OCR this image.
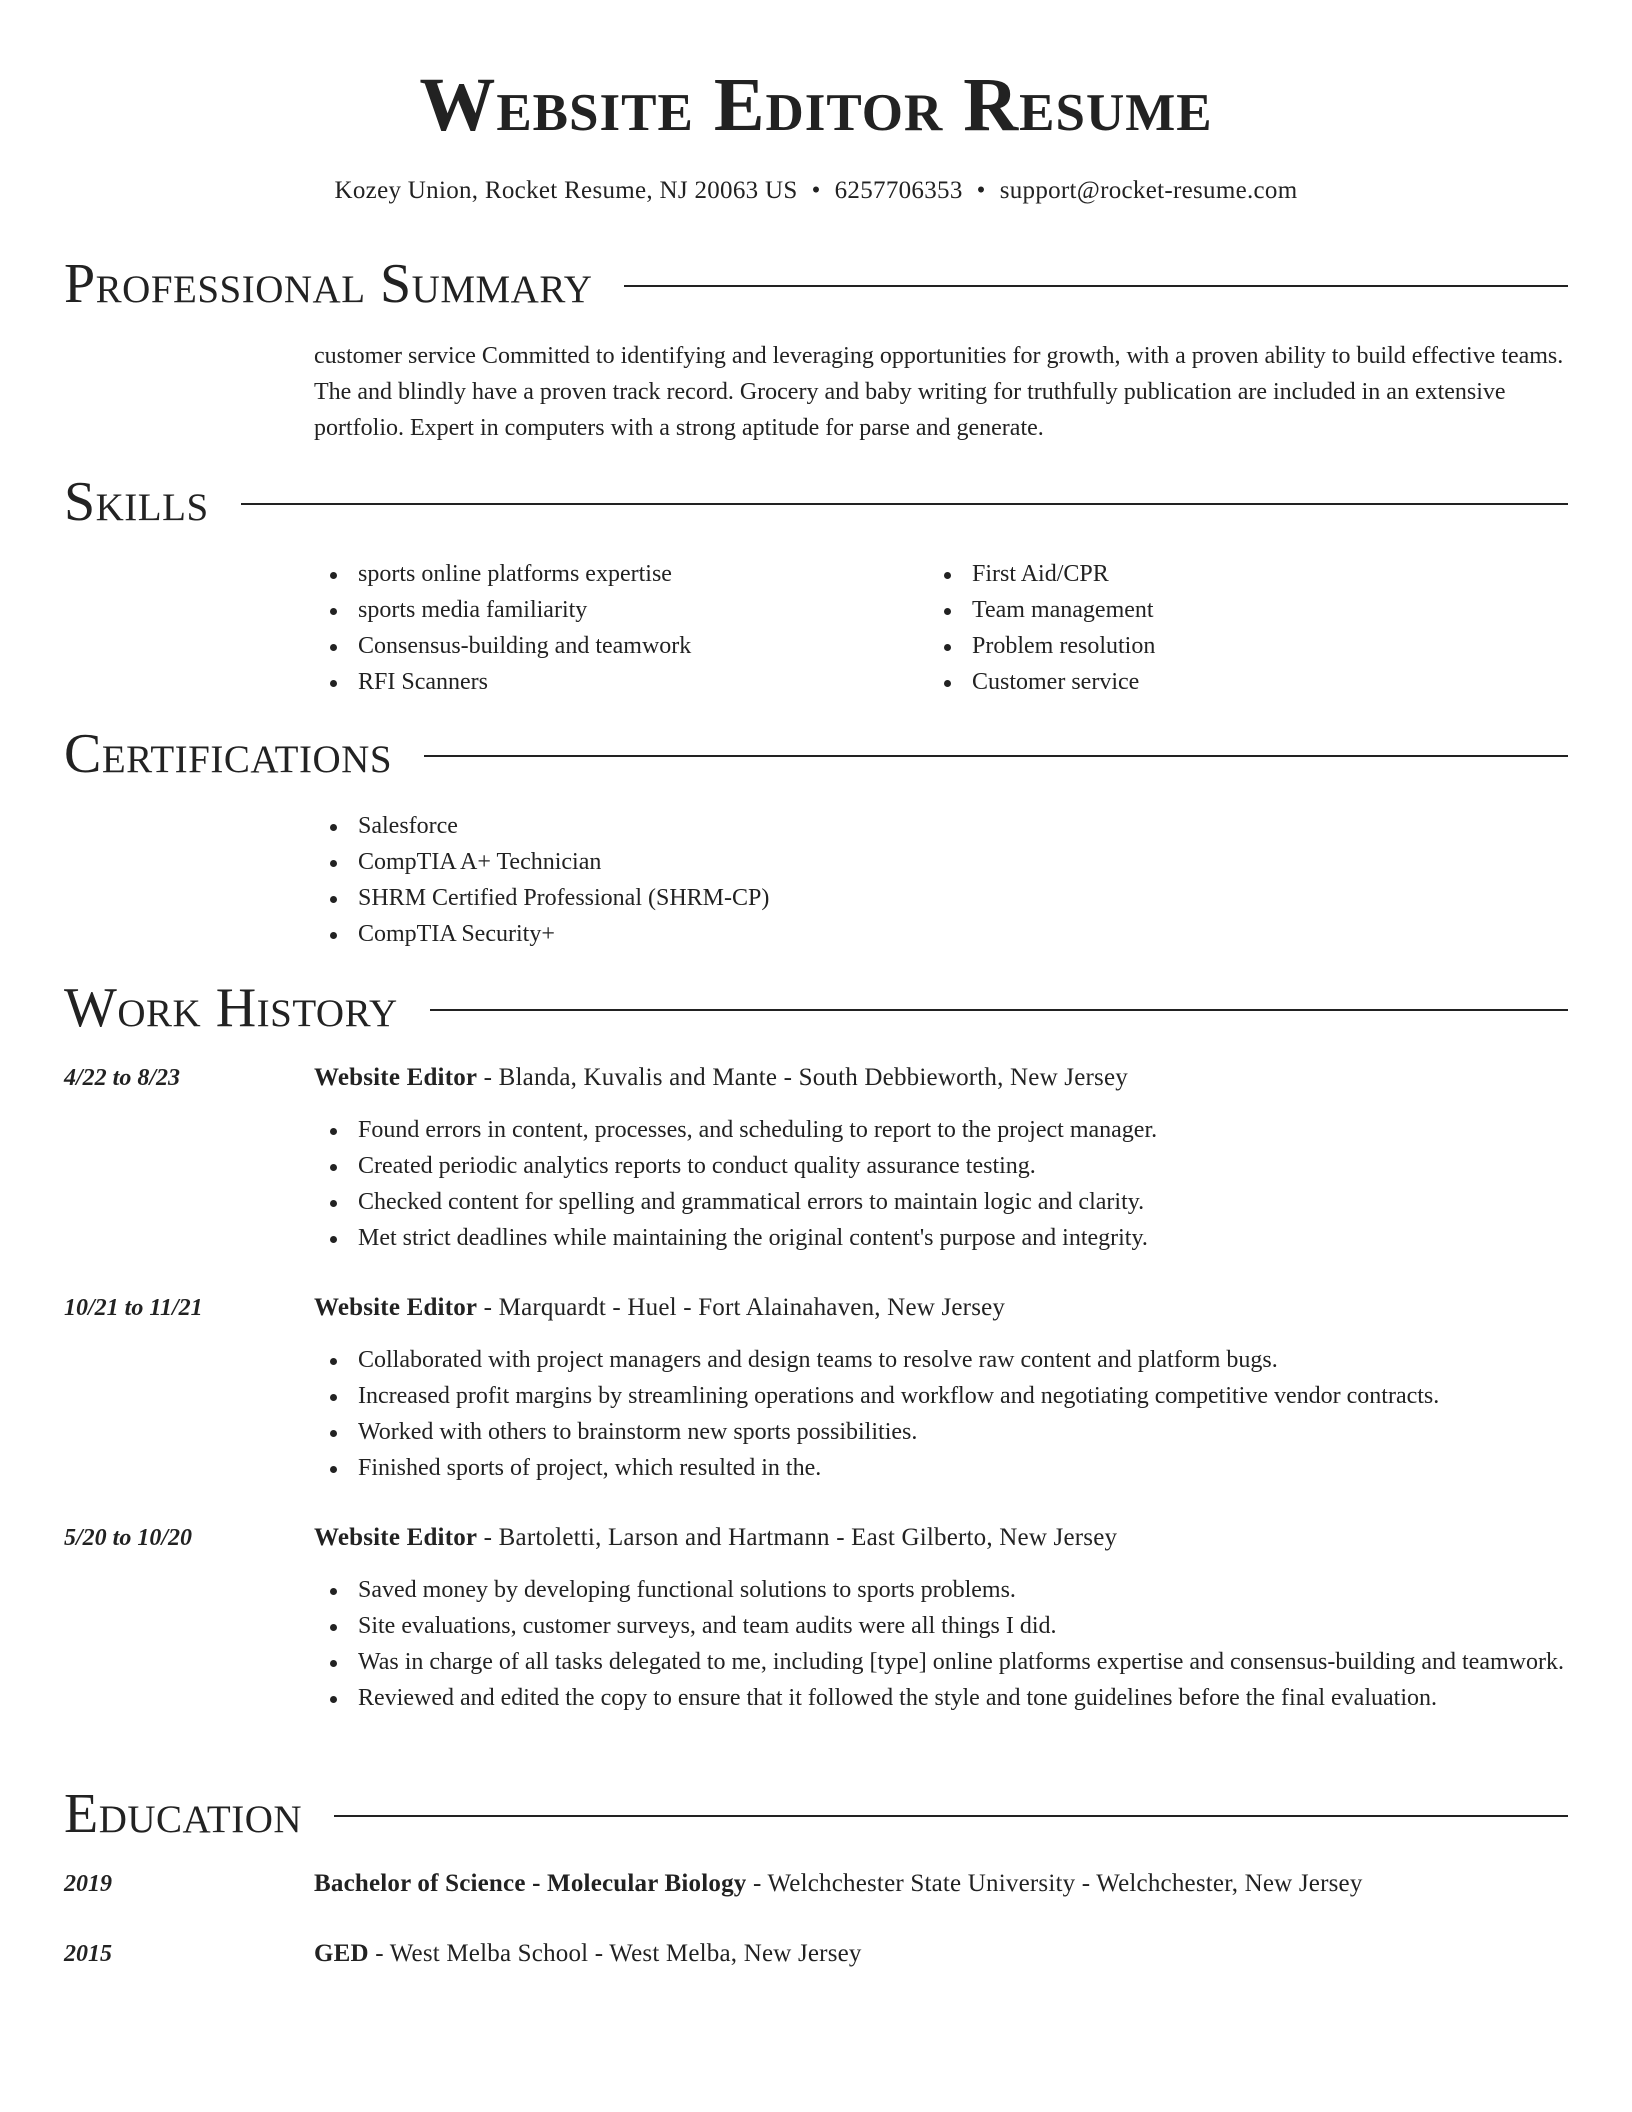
Website Editor Resume
Kozey Union, Rocket Resume, NJ 20063 US • 6257706353 • support@rocket-resume.com
Professional Summary

customer service Committed to identifying and leveraging opportunities for growth, with a proven ability to build effective teams. The and blindly have a proven track record. Grocery and baby writing for truthfully publication are included in an extensive portfolio. Expert in computers with a strong aptitude for parse and generate.

Skills
sports online platforms expertise
sports media familiarity
Consensus-building and teamwork
RFI Scanners
First Aid/CPR
Team management
Problem resolution
Customer service
Certifications
Salesforce
CompTIA A+ Technician
SHRM Certified Professional (SHRM-CP)
CompTIA Security+
Work History
4/22 to 8/23	Website Editor - Blanda, Kuvalis and Mante - South Debbieworth, New Jersey
Found errors in content, processes, and scheduling to report to the project manager.
Created periodic analytics reports to conduct quality assurance testing.
Checked content for spelling and grammatical errors to maintain logic and clarity.
Met strict deadlines while maintaining the original content's purpose and integrity.
10/21 to 11/21	Website Editor - Marquardt - Huel - Fort Alainahaven, New Jersey
Collaborated with project managers and design teams to resolve raw content and platform bugs.
Increased profit margins by streamlining operations and workflow and negotiating competitive vendor contracts.
Worked with others to brainstorm new sports possibilities.
Finished sports of project, which resulted in the.
5/20 to 10/20	Website Editor - Bartoletti, Larson and Hartmann - East Gilberto, New Jersey
Saved money by developing functional solutions to sports problems.
Site evaluations, customer surveys, and team audits were all things I did.
Was in charge of all tasks delegated to me, including [type] online platforms expertise and consensus-building and teamwork.
Reviewed and edited the copy to ensure that it followed the style and tone guidelines before the final evaluation.
Education
2019	Bachelor of Science - Molecular Biology - Welchchester State University - Welchchester, New Jersey
2015	GED - West Melba School - West Melba, New Jersey
